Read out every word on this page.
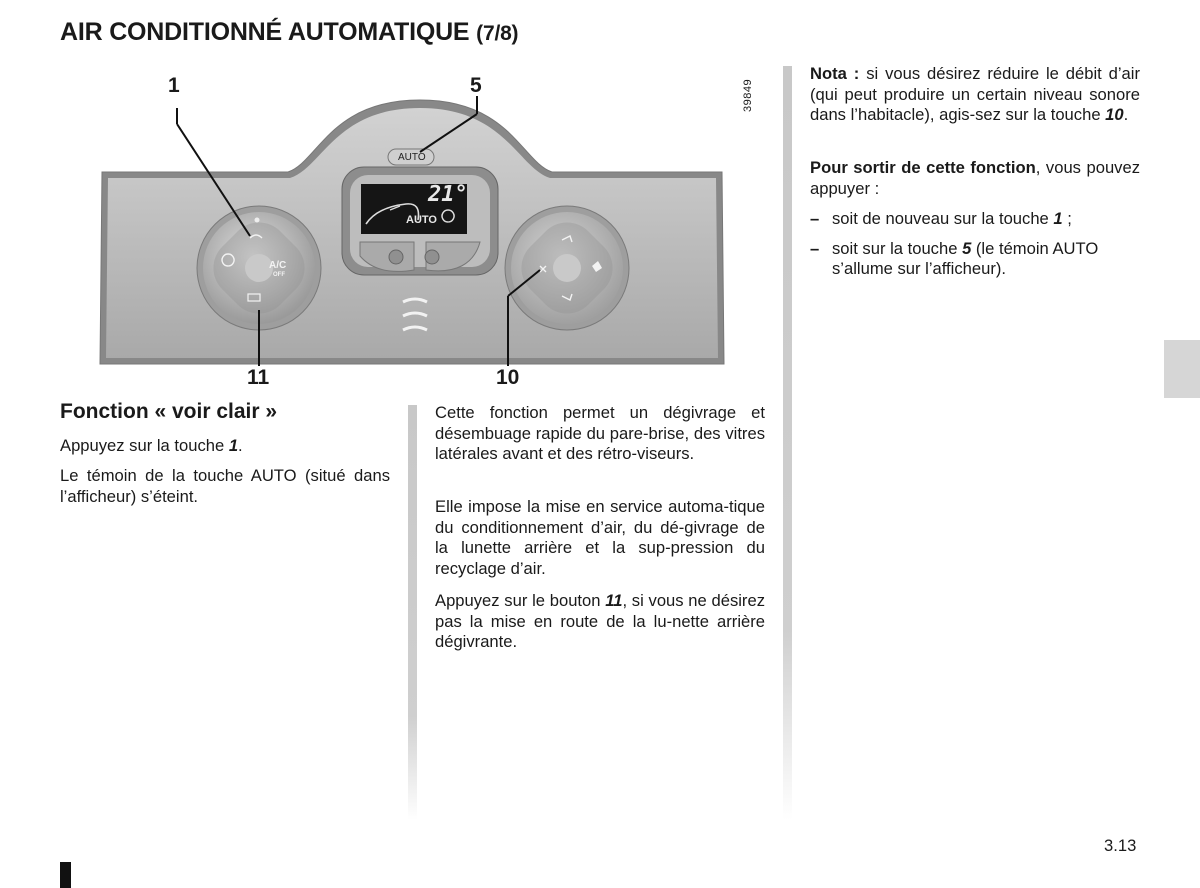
AIR CONDITIONNÉ AUTOMATIQUE (7/8)
21°
AUTO
AUTO
A/C
OFF
1	5
11	10
39849
Fonction « voir clair »

Appuyez sur la touche 1.

Le témoin de la touche AUTO (situé dans l’afficheur) s’éteint.

Cette fonction permet un dégivrage et désembuage rapide du pare-brise, des vitres latérales avant et des rétro-viseurs.

Elle impose la mise en service automa-tique du conditionnement d’air, du dé-givrage de la lunette arrière et la sup-pression du recyclage d’air.

Appuyez sur le bouton 11, si vous ne désirez pas la mise en route de la lu-nette arrière dégivrante.

Nota : si vous désirez réduire le débit d’air (qui peut produire un certain niveau sonore dans l’habitacle), agis-sez sur la touche 10.

Pour sortir de cette fonction, vous pouvez appuyer :

– soit de nouveau sur la touche 1 ;
– soit sur la touche 5 (le témoin AUTO s’allume sur l’afficheur).
3.13
